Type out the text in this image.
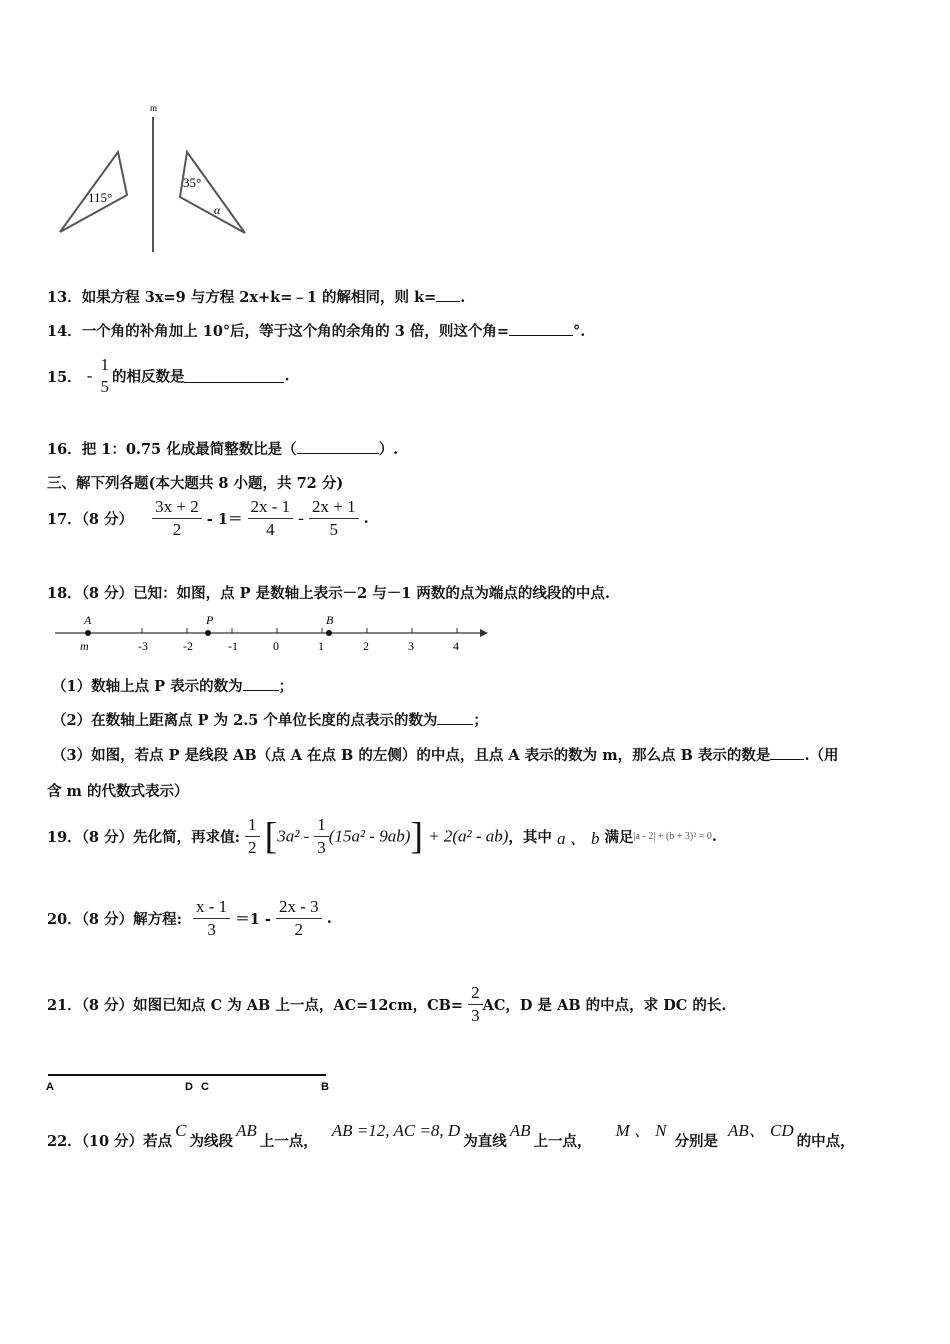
m
115°
35°
α
13．如果方程 3x=9 与方程 2x+k=﹣1 的解相同，则 k= .
14．一个角的补角加上 10°后，等于这个角的余角的 3 倍，则这个角=	°.
15． -
1
5 的相反数是	.
16．把 1：0.75 化成最简整数比是（	）.
三、解下列各题(本大题共 8 小题，共 72 分)
17．（8 分） $\frac{3x + 2}{2} - 1= \frac{2x - 1}{4} - \frac{2x + 1}{5}$ .
18．（8 分）已知：如图，点 P 是数轴上表示－2 与－1 两数的点为端点的线段的中点.
-3	-2	-1	0	1	2	3	4
A	P	B
m
（1）数轴上点 P 表示的数为 ；
（2）在数轴上距离点 P 为 2.5 个单位长度的点表示的数为 ；
（3）如图，若点 P 是线段 AB（点 A 在点 B 的左侧）的中点，且点 A 表示的数为 m，那么点 B 表示的数是 .（用
含 m 的代数式表示）
19．（8 分）先化简，再求值: $\frac{1}{2} [3a^2 - \frac{1}{3} (15a^2 - 9ab)] + 2(a^2 - ab)$，其中 a 、 b 满足|a - 2| + (b + 3)² = 0.
20．（8 分）解方程: $\frac{x - 1}{3} =1 - \frac{2x - 3}{2}$ .
21．（8 分）如图已知点 C 为 AB 上一点，AC=12cm，$CB= \frac{2}{3}$ AC，D 是 AB 的中点，求 DC 的长.
A	D C	B
22．（10 分）若点C为线段AB上一点，AB =12, AC =8, D为直线AB上一点，M 、 N分别是AB、 CD的中点，
